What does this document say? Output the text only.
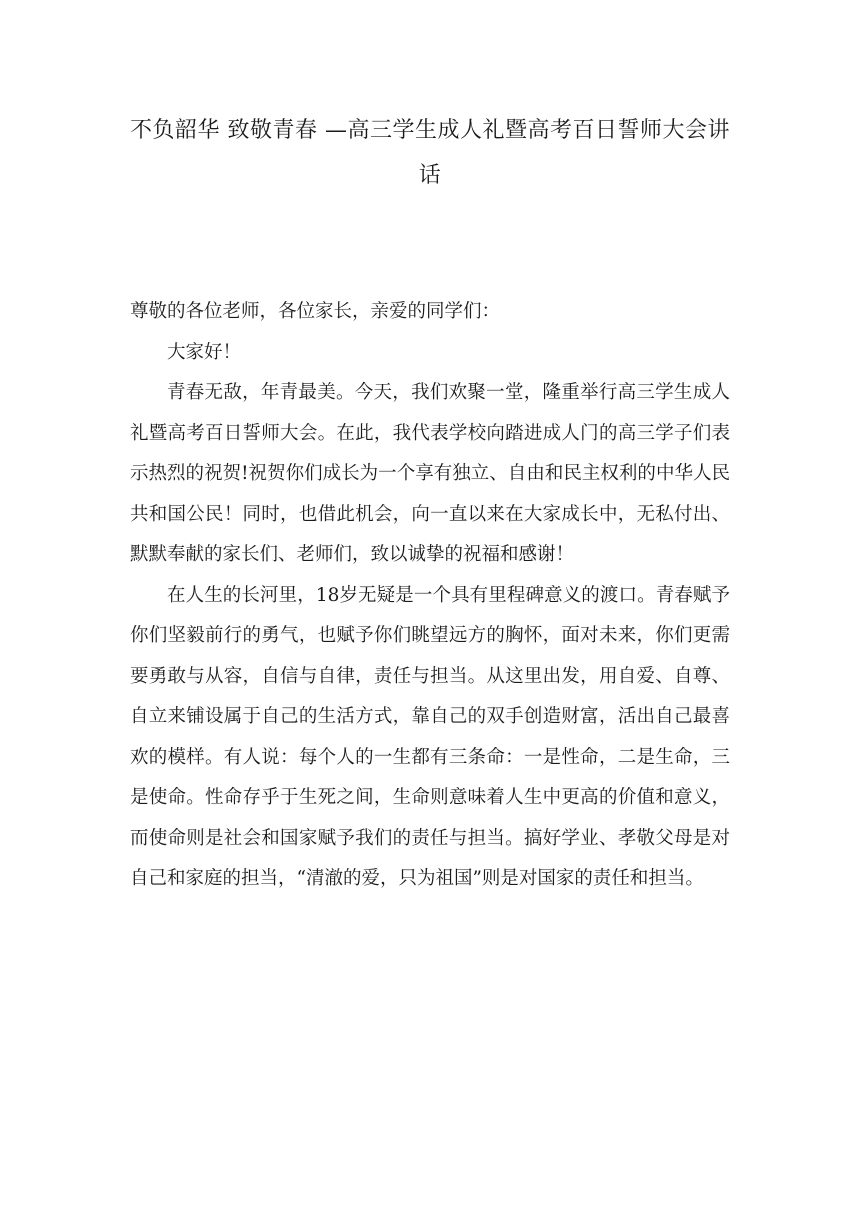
不负韶华 致敬青春 —高三学生成人礼暨高考百日誓师大会讲话

尊敬的各位老师，各位家长，亲爱的同学们：

大家好！

青春无敌，年青最美。今天，我们欢聚一堂，隆重举行高三学生成人礼暨高考百日誓师大会。在此，我代表学校向踏进成人门的高三学子们表示热烈的祝贺!祝贺你们成长为一个享有独立、自由和民主权利的中华人民共和国公民！同时，也借此机会，向一直以来在大家成长中，无私付出、默默奉献的家长们、老师们，致以诚挚的祝福和感谢！

在人生的长河里，18岁无疑是一个具有里程碑意义的渡口。青春赋予你们坚毅前行的勇气，也赋予你们眺望远方的胸怀，面对未来，你们更需要勇敢与从容，自信与自律，责任与担当。从这里出发，用自爱、自尊、自立来铺设属于自己的生活方式，靠自己的双手创造财富，活出自己最喜欢的模样。有人说：每个人的一生都有三条命：一是性命，二是生命，三是使命。性命存乎于生死之间，生命则意味着人生中更高的价值和意义，而使命则是社会和国家赋予我们的责任与担当。搞好学业、孝敬父母是对自己和家庭的担当，“清澈的爱，只为祖国”则是对国家的责任和担当。
